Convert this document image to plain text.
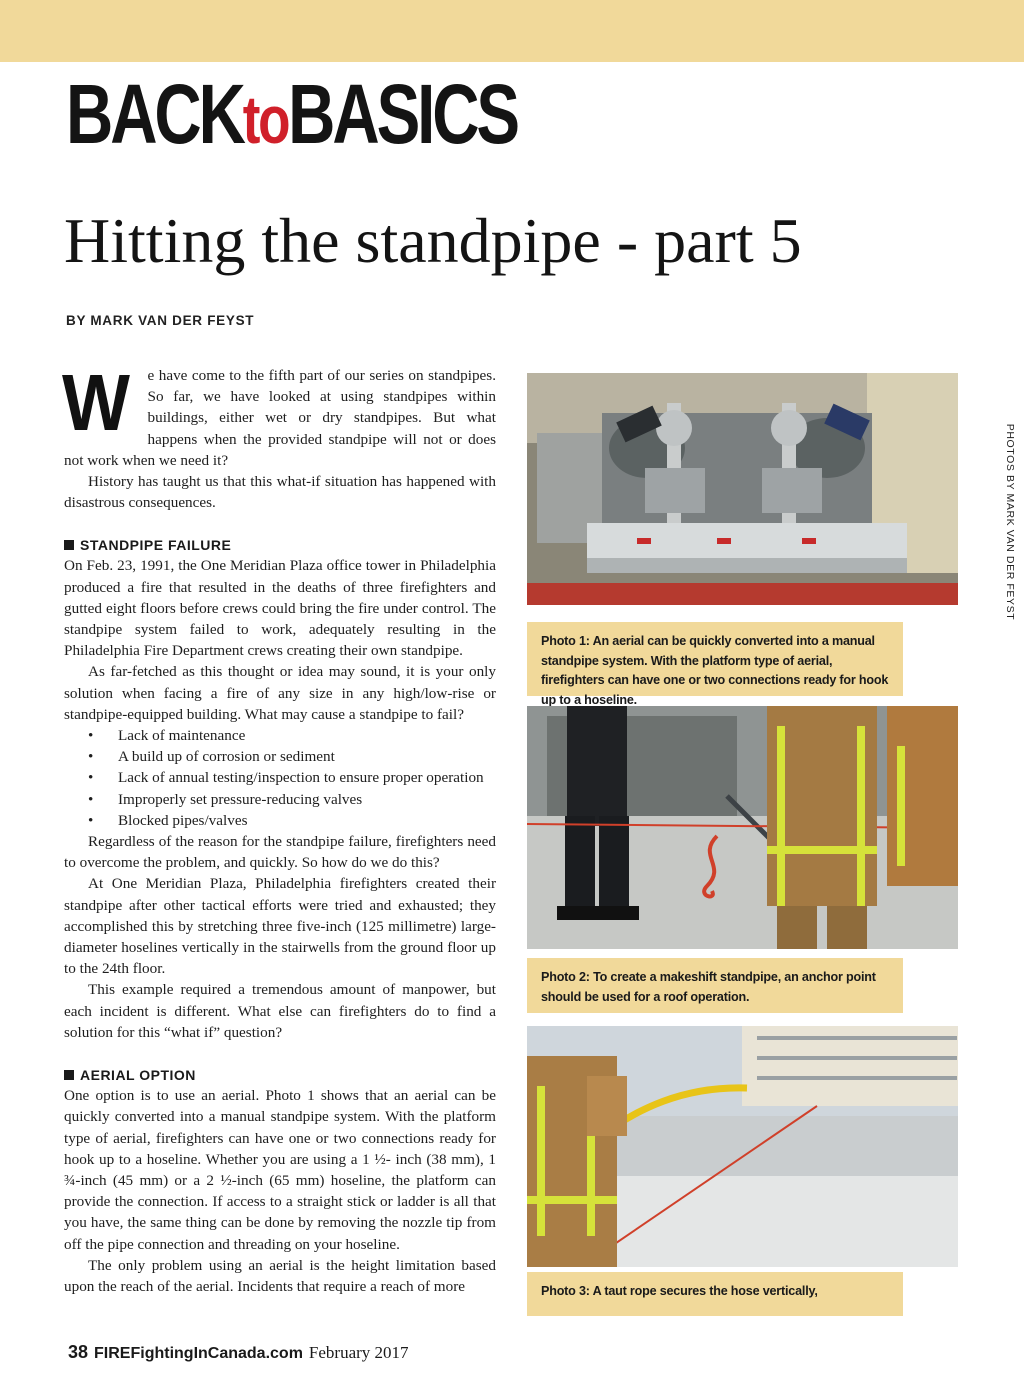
BACKtoBASICS
Hitting the standpipe - part 5
BY MARK VAN DER FEYST

W e have come to the fifth part of our series on standpipes. So far, we have looked at using standpipes within buildings, either wet or dry standpipes. But what happens when the provided standpipe will not or does not work when we need it?

History has taught us that this what-if situation has happened with disastrous consequences.

STANDPIPE FAILURE

On Feb. 23, 1991, the One Meridian Plaza office tower in Philadelphia produced a fire that resulted in the deaths of three firefighters and gutted eight floors before crews could bring the fire under control. The standpipe system failed to work, adequately resulting in the Philadelphia Fire Department crews creating their own standpipe.

As far-fetched as this thought or idea may sound, it is your only solution when facing a fire of any size in any high/low-rise or standpipe-equipped building. What may cause a standpipe to fail?

• Lack of maintenance
• A build up of corrosion or sediment
• Lack of annual testing/inspection to ensure proper operation
• Improperly set pressure-reducing valves
• Blocked pipes/valves

Regardless of the reason for the standpipe failure, firefighters need to overcome the problem, and quickly. So how do we do this?

At One Meridian Plaza, Philadelphia firefighters created their standpipe after other tactical efforts were tried and exhausted; they accomplished this by stretching three five-inch (125 millimetre) large-diameter hoselines vertically in the stairwells from the ground floor up to the 24th floor.

This example required a tremendous amount of manpower, but each incident is different. What else can firefighters do to find a solution for this “what if” question?

AERIAL OPTION

One option is to use an aerial. Photo 1 shows that an aerial can be quickly converted into a manual standpipe system. With the platform type of aerial, firefighters can have one or two connections ready for hook up to a hoseline. Whether you are using a 1 ½- inch (38 mm), 1 ¾-inch (45 mm) or a 2 ½-inch (65 mm) hoseline, the platform can provide the connection. If access to a straight stick or ladder is all that you have, the same thing can be done by removing the nozzle tip from off the pipe connection and threading on your hoseline.

The only problem using an aerial is the height limitation based upon the reach of the aerial. Incidents that require a reach of more

Photo 1: An aerial can be quickly converted into a manual standpipe system. With the platform type of aerial, firefighters can have one or two connections ready for hook up to a hoseline.
Photo 2: To create a makeshift standpipe, an anchor point should be used for a roof operation.
Photo 3: A taut rope secures the hose vertically,
PHOTOS BY MARK VAN DER FEYST
38 FIREFightingInCanada.com February 2017
